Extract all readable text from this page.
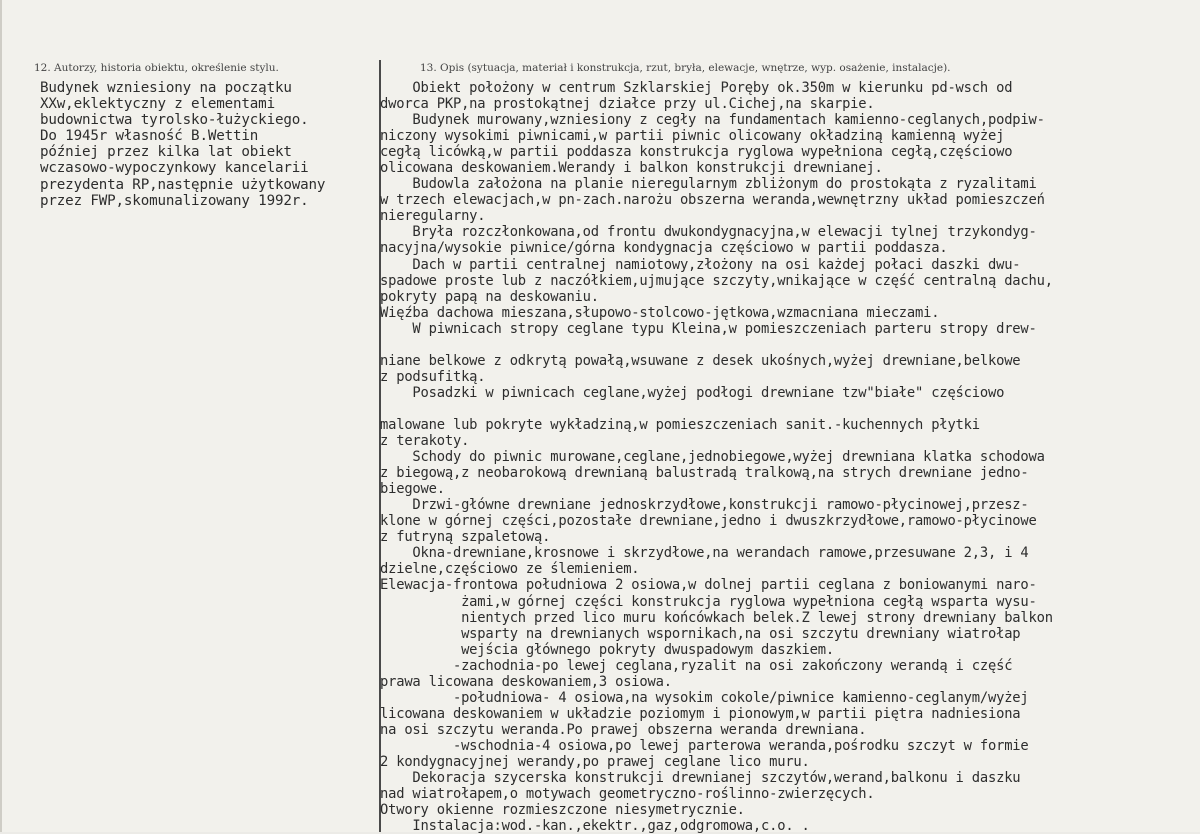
12. Autorzy, historia obiektu, określenie stylu.	13. Opis (sytuacja, materiał i konstrukcja, rzut, bryła, elewacje, wnętrze, wyp. osażenie, instalacje).
Budynek wzniesiony na początku
XXw,eklektyczny z elementami
budownictwa tyrolsko-łużyckiego.
Do 1945r własność B.Wettin
później przez kilka lat obiekt
wczasowo-wypoczynkowy kancelarii
prezydenta RP,następnie użytkowany
przez FWP,skomunalizowany 1992r.
Obiekt położony w centrum Szklarskiej Poręby ok.350m w kierunku pd-wsch od
dworca PKP,na prostokątnej działce przy ul.Cichej,na skarpie.
Budynek murowany,wzniesiony z cegły na fundamentach kamienno-ceglanych,podpiw-
niczony wysokimi piwnicami,w partii piwnic olicowany okładziną kamienną wyżej
cegłą licówką,w partii poddasza konstrukcja ryglowa wypełniona cegłą,częściowo
olicowana deskowaniem.Werandy i balkon konstrukcji drewnianej.
Budowla założona na planie nieregularnym zbliżonym do prostokąta z ryzalitami
w trzech elewacjach,w pn-zach.narożu obszerna weranda,wewnętrzny układ pomieszczeń
nieregularny.
Bryła rozczłonkowana,od frontu dwukondygnacyjna,w elewacji tylnej trzykondyg-
nacyjna/wysokie piwnice/górna kondygnacja częściowo w partii poddasza.
Dach w partii centralnej namiotowy,złożony na osi każdej połaci daszki dwu-
spadowe proste lub z naczółkiem,ujmujące szczyty,wnikające w część centralną dachu,
pokryty papą na deskowaniu.
Więźba dachowa mieszana,słupowo-stolcowo-jętkowa,wzmacniana mieczami.
W piwnicach stropy ceglane typu Kleina,w pomieszczeniach parteru stropy drew-
niane belkowe z odkrytą powałą,wsuwane z desek ukośnych,wyżej drewniane,belkowe
z podsufitką.
Posadzki w piwnicach ceglane,wyżej podłogi drewniane tzw"białe" częściowo
malowane lub pokryte wykładziną,w pomieszczeniach sanit.-kuchennych płytki
z terakoty.
Schody do piwnic murowane,ceglane,jednobiegowe,wyżej drewniana klatka schodowa
z biegową,z neobarokową drewnianą balustradą tralkową,na strych drewniane jedno-
biegowe.
Drzwi-główne drewniane jednoskrzydłowe,konstrukcji ramowo-płycinowej,przesz-
klone w górnej części,pozostałe drewniane,jedno i dwuszkrzydłowe,ramowo-płycinowe
z futryną szpaletową.
Okna-drewniane,krosnowe i skrzydłowe,na werandach ramowe,przesuwane 2,3, i 4
dzielne,częściowo ze ślemieniem.
Elewacja-frontowa południowa 2 osiowa,w dolnej partii ceglana z boniowanymi naro-
żami,w górnej części konstrukcja ryglowa wypełniona cegłą wsparta wysu-
nientych przed lico muru końcówkach belek.Z lewej strony drewniany balkon
wsparty na drewnianych wspornikach,na osi szczytu drewniany wiatrołap
wejścia głównego pokryty dwuspadowym daszkiem.
-zachodnia-po lewej ceglana,ryzalit na osi zakończony werandą i część
prawa licowana deskowaniem,3 osiowa.
-południowa- 4 osiowa,na wysokim cokole/piwnice kamienno-ceglanym/wyżej
licowana deskowaniem w układzie poziomym i pionowym,w partii piętra nadniesiona
na osi szczytu weranda.Po prawej obszerna weranda drewniana.
-wschodnia-4 osiowa,po lewej parterowa weranda,pośrodku szczyt w formie
2 kondygnacyjnej werandy,po prawej ceglane lico muru.
Dekoracja szycerska konstrukcji drewnianej szczytów,werand,balkonu i daszku
nad wiatrołapem,o motywach geometryczno-roślinno-zwierzęcych.
Otwory okienne rozmieszczone niesymetrycznie.
Instalacja:wod.-kan.,ekektr.,gaz,odgromowa,c.o. .
